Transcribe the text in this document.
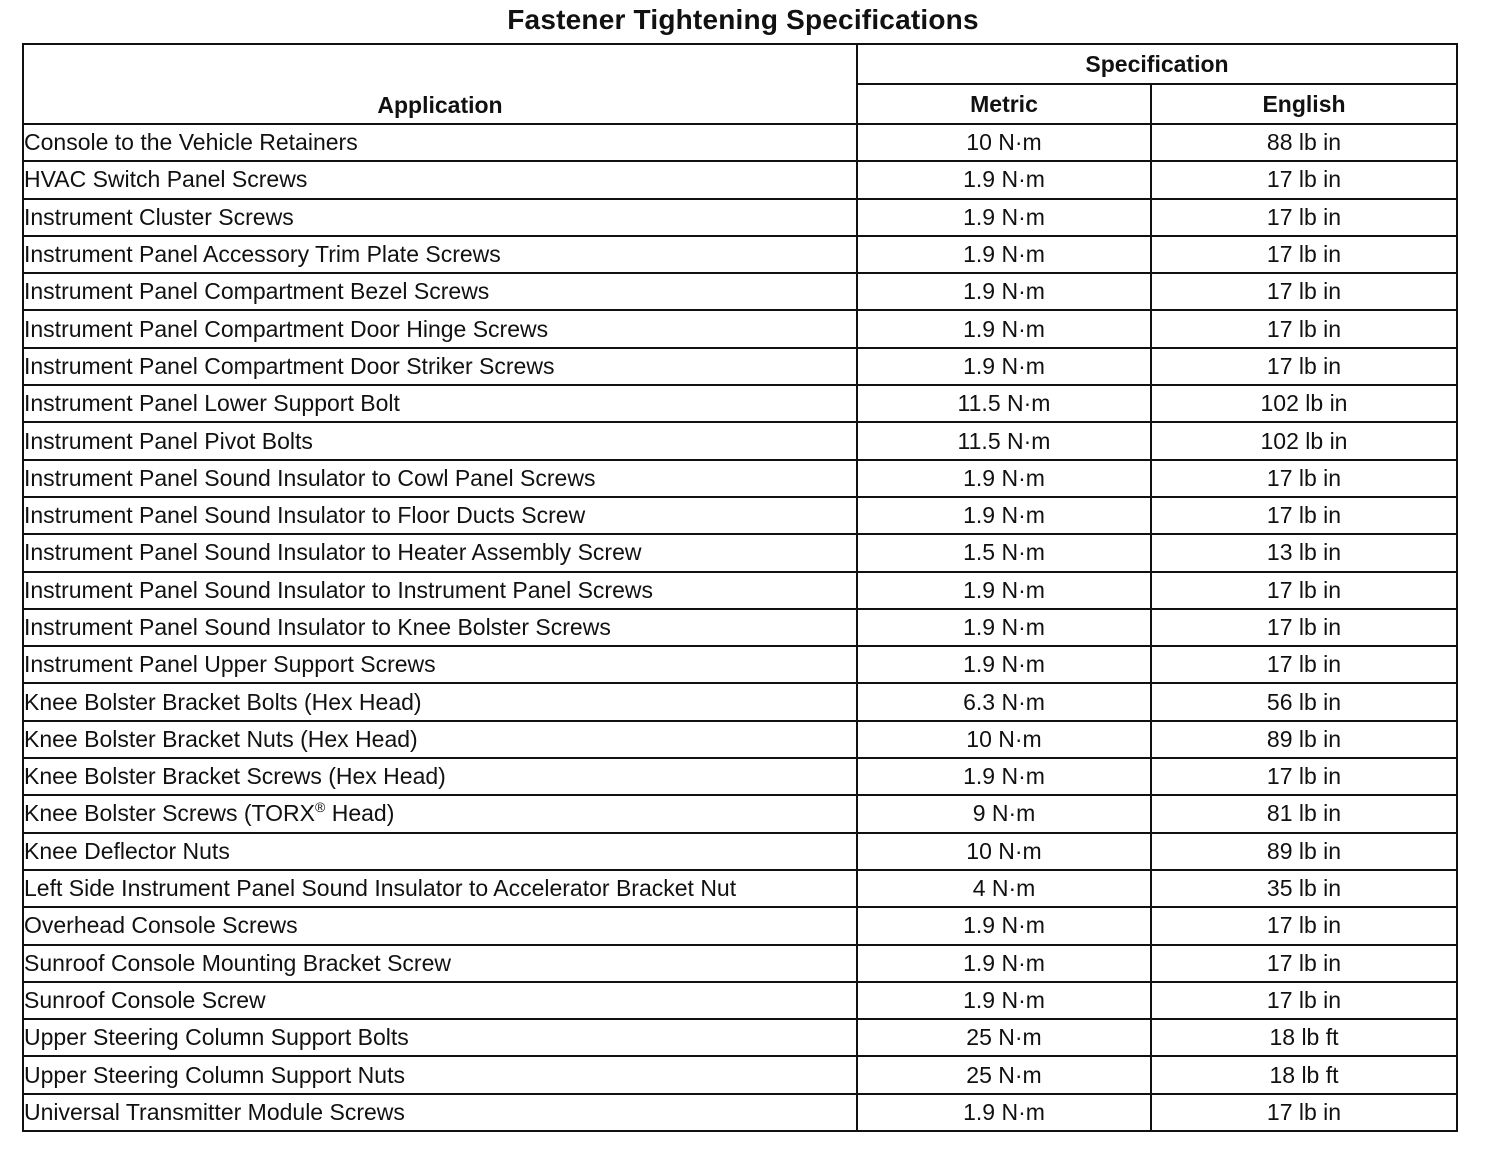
Fastener Tightening Specifications
Application	Specification	
	Metric	English
Console to the Vehicle Retainers	10 N·m	88 lb in
HVAC Switch Panel Screws	1.9 N·m	17 lb in
Instrument Cluster Screws	1.9 N·m	17 lb in
Instrument Panel Accessory Trim Plate Screws	1.9 N·m	17 lb in
Instrument Panel Compartment Bezel Screws	1.9 N·m	17 lb in
Instrument Panel Compartment Door Hinge Screws	1.9 N·m	17 lb in
Instrument Panel Compartment Door Striker Screws	1.9 N·m	17 lb in
Instrument Panel Lower Support Bolt	11.5 N·m	102 lb in
Instrument Panel Pivot Bolts	11.5 N·m	102 lb in
Instrument Panel Sound Insulator to Cowl Panel Screws	1.9 N·m	17 lb in
Instrument Panel Sound Insulator to Floor Ducts Screw	1.9 N·m	17 lb in
Instrument Panel Sound Insulator to Heater Assembly Screw	1.5 N·m	13 lb in
Instrument Panel Sound Insulator to Instrument Panel Screws	1.9 N·m	17 lb in
Instrument Panel Sound Insulator to Knee Bolster Screws	1.9 N·m	17 lb in
Instrument Panel Upper Support Screws	1.9 N·m	17 lb in
Knee Bolster Bracket Bolts (Hex Head)	6.3 N·m	56 lb in
Knee Bolster Bracket Nuts (Hex Head)	10 N·m	89 lb in
Knee Bolster Bracket Screws (Hex Head)	1.9 N·m	17 lb in
Knee Bolster Screws (TORX® Head)	9 N·m	81 lb in
Knee Deflector Nuts	10 N·m	89 lb in
Left Side Instrument Panel Sound Insulator to Accelerator Bracket Nut	4 N·m	35 lb in
Overhead Console Screws	1.9 N·m	17 lb in
Sunroof Console Mounting Bracket Screw	1.9 N·m	17 lb in
Sunroof Console Screw	1.9 N·m	17 lb in
Upper Steering Column Support Bolts	25 N·m	18 lb ft
Upper Steering Column Support Nuts	25 N·m	18 lb ft
Universal Transmitter Module Screws	1.9 N·m	17 lb in
